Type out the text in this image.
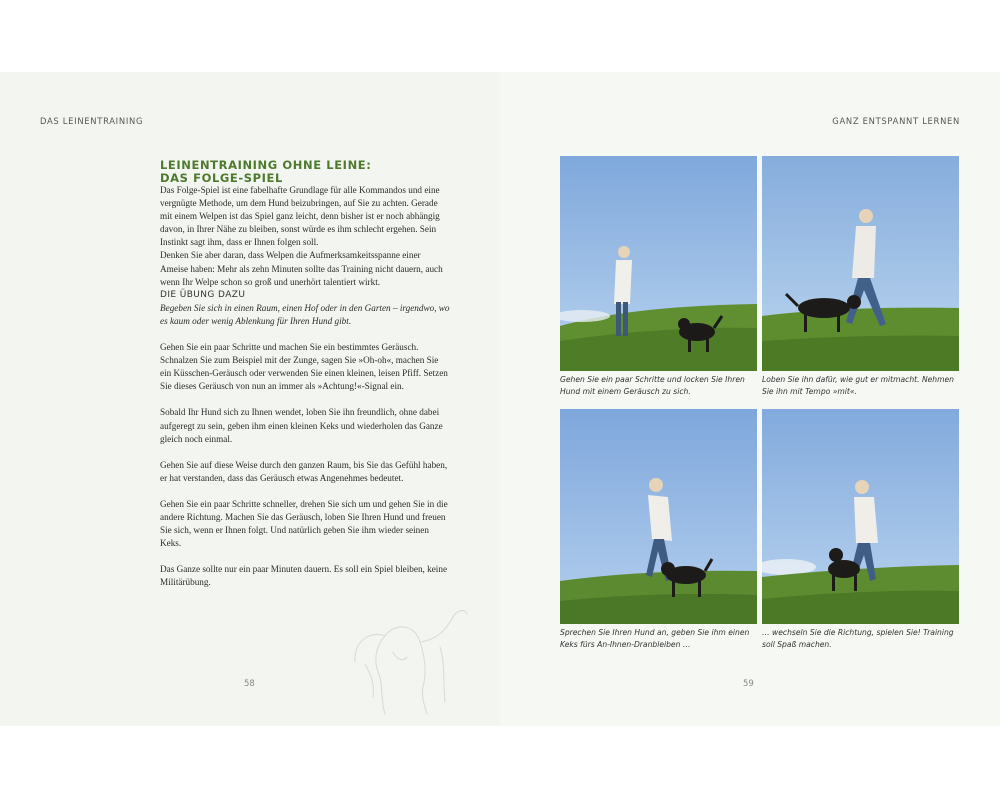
DAS LEINENTRAINING
LEINENTRAINING OHNE LEINE:
DAS FOLGE-SPIEL

Das Folge-Spiel ist eine fabelhafte Grundlage für alle Kommandos und eine vergnügte Methode, um dem Hund beizubringen, auf Sie zu achten. Gerade mit einem Welpen ist das Spiel ganz leicht, denn bisher ist er noch abhängig davon, in Ihrer Nähe zu bleiben, sonst würde es ihm schlecht ergehen. Sein Instinkt sagt ihm, dass er Ihnen folgen soll.

Denken Sie aber daran, dass Welpen die Aufmerksamkeitsspanne einer Ameise haben: Mehr als zehn Minuten sollte das Training nicht dauern, auch wenn Ihr Welpe schon so groß und unerhört talentiert wirkt.

DIE ÜBUNG DAZU

Begeben Sie sich in einen Raum, einen Hof oder in den Garten – irgendwo, wo es kaum oder wenig Ablenkung für Ihren Hund gibt.

Gehen Sie ein paar Schritte und machen Sie ein bestimmtes Geräusch. Schnalzen Sie zum Beispiel mit der Zunge, sagen Sie »Oh-oh«, machen Sie ein Küsschen-Geräusch oder verwenden Sie einen kleinen, leisen Pfiff. Setzen Sie dieses Geräusch von nun an immer als »Achtung!«-Signal ein.

Sobald Ihr Hund sich zu Ihnen wendet, loben Sie ihn freundlich, ohne dabei aufgeregt zu sein, geben ihm einen kleinen Keks und wiederholen das Ganze gleich noch einmal.

Gehen Sie auf diese Weise durch den ganzen Raum, bis Sie das Gefühl haben, er hat verstanden, dass das Geräusch etwas Angenehmes bedeutet.

Gehen Sie ein paar Schritte schneller, drehen Sie sich um und gehen Sie in die andere Richtung. Machen Sie das Geräusch, loben Sie Ihren Hund und freuen Sie sich, wenn er Ihnen folgt. Und natürlich geben Sie ihm wieder seinen Keks.

Das Ganze sollte nur ein paar Minuten dauern. Es soll ein Spiel bleiben, keine Militärübung.

58
GANZ ENTSPANNT LERNEN
Gehen Sie ein paar Schritte und locken Sie Ihren Hund mit einem Geräusch zu sich.
Loben Sie ihn dafür, wie gut er mitmacht. Nehmen Sie ihn mit Tempo »mit«.
Sprechen Sie Ihren Hund an, geben Sie ihm einen Keks fürs An-Ihnen-Dranbleiben …
… wechseln Sie die Richtung, spielen Sie! Training soll Spaß machen.
59
